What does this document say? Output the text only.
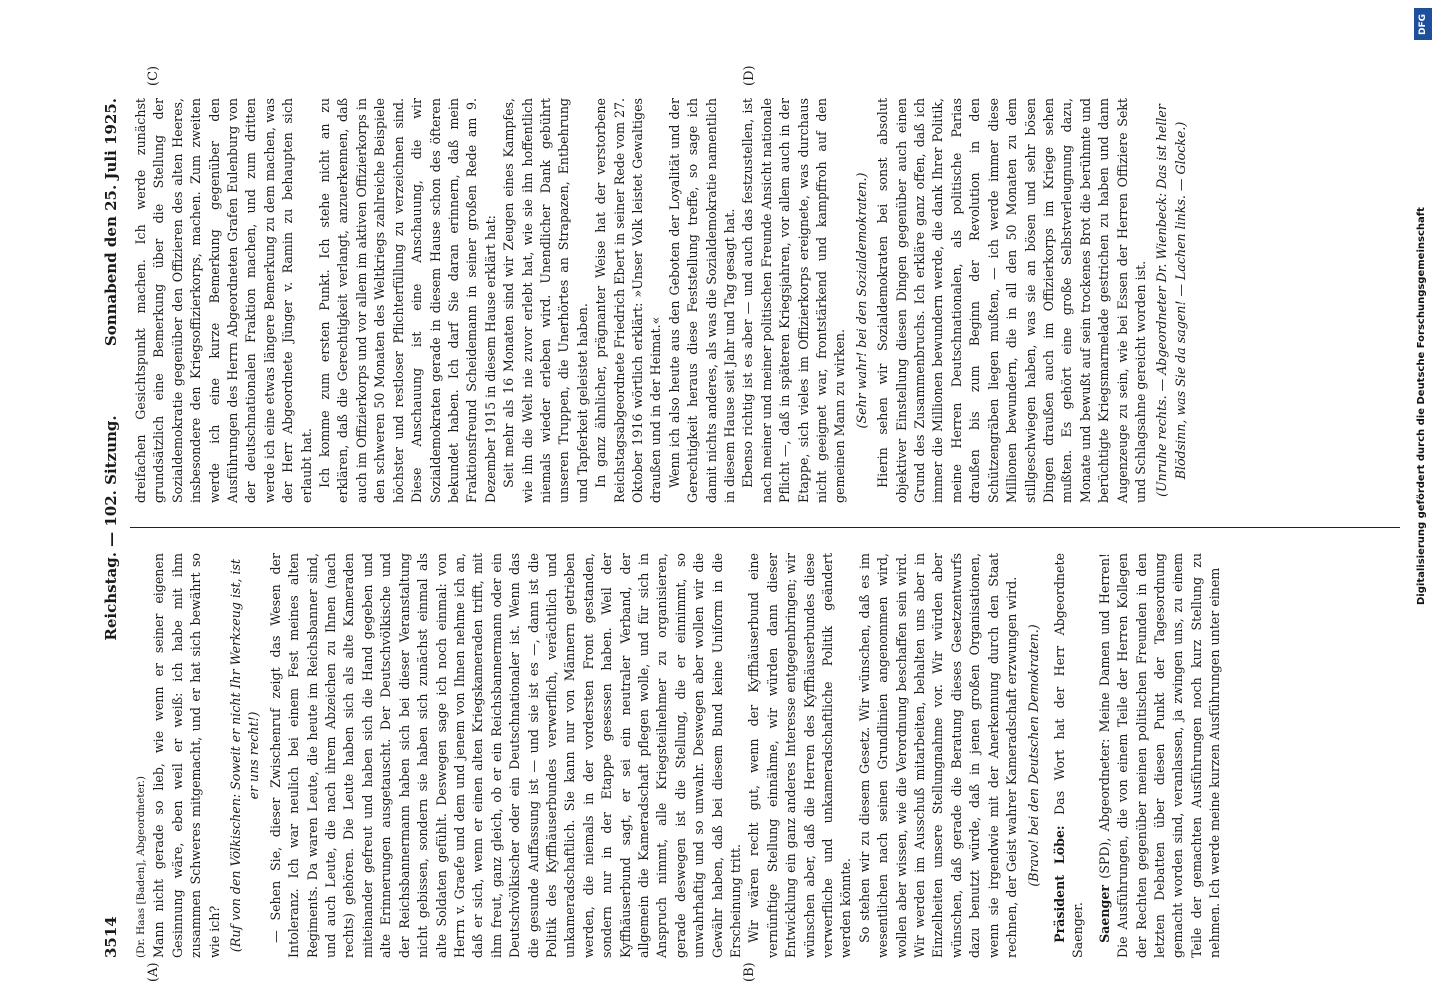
3514
Reichstag. — 102. Sitzung.
Sonnabend den 25. Juli 1925.
(A)	(B)
(C)	(D)

(Dr. Haas [Baden], Abgeordneter.) Mann nicht gerade so lieb, wie wenn er seiner eigenen Gesinnung wäre, eben weil er weiß: ich habe mit ihm zusammen Schweres mitgemacht, und er hat sich bewährt so wie ich? (Ruf von den Völkischen: Soweit er nicht Ihr Werkzeug ist, ist er uns recht!) — Sehen Sie, dieser Zwischenruf zeigt das Wesen der Intoleranz. Ich war neulich bei einem Fest meines alten Regiments. Da waren Leute, die heute im Reichsbanner sind, und auch Leute, die nach ihrem Abzeichen zu Ihnen (nach rechts) gehören. Die Leute haben sich als alte Kameraden miteinander gefreut und haben sich die Hand gegeben und alte Erinnerungen ausgetauscht. Der Deutschvölkische und der Reichsbannermann haben sich bei dieser Veranstaltung nicht gebissen, sondern sie haben sich zunächst einmal als alte Soldaten gefühlt. Deswegen sage ich noch einmal: von Herrn v. Graefe und dem und jenem von Ihnen nehme ich an, daß er sich, wenn er einen alten Kriegskameraden trifft, mit ihm freut, ganz gleich, ob er ein Reichsbannermann oder ein Deutschvölkischer oder ein Deutschnationaler ist. Wenn das die gesunde Auffassung ist — und sie ist es —, dann ist die Politik des Kyffhäuserbundes verwerflich, verächtlich und unkameradschaftlich. Sie kann nur von Männern getrieben werden, die niemals in der vordersten Front gestanden, sondern nur in der Etappe gesessen haben. Weil der Kyffhäuserbund sagt, er sei ein neutraler Verband, der allgemein die Kameradschaft pflegen wolle, und für sich in Anspruch nimmt, alle Kriegsteilnehmer zu organisieren, gerade deswegen ist die Stellung, die er einnimmt, so unwahrhaftig und so unwahr. Deswegen aber wollen wir die Gewähr haben, daß bei diesem Bund keine Uniform in die Erscheinung tritt. Wir wären recht gut, wenn der Kyffhäuserbund eine vernünftige Stellung einnähme, wir würden dann dieser Entwicklung ein ganz anderes Interesse entgegenbringen; wir wünschen aber, daß die Herren des Kyffhäuserbundes diese verwerfliche und unkameradschaftliche Politik geändert werden könnte. So stehen wir zu diesem Gesetz. Wir wünschen, daß es im wesentlichen nach seinen Grundlinien angenommen wird, wollen aber wissen, wie die Verordnung beschaffen sein wird. Wir werden im Ausschuß mitarbeiten, behalten uns aber in Einzelheiten unsere Stellungnahme vor. Wir würden aber wünschen, daß gerade die Beratung dieses Gesetzentwurfs dazu benutzt würde, daß in jenen großen Organisationen, wenn sie irgendwie mit der Anerkennung durch den Staat rechnen, der Geist wahrer Kameradschaft erzwungen wird. (Bravo! bei den Deutschen Demokraten.) Präsident Löbe: Das Wort hat der Herr Abgeordnete Saenger. Saenger (SPD), Abgeordneter: Meine Damen und Herren! Die Ausführungen, die von einem Teile der Herren Kollegen der Rechten gegenüber meinen politischen Freunden in den letzten Debatten über diesen Punkt der Tagesordnung gemacht worden sind, veranlassen, ja zwingen uns, zu einem Teile der gemachten Ausführungen noch kurz Stellung zu nehmen. Ich werde meine kurzen Ausführungen unter einem

dreifachen Gesichtspunkt machen. Ich werde zunächst grundsätzlich eine Bemerkung über die Stellung der Sozialdemokratie gegenüber den Offizieren des alten Heeres, insbesondere den Kriegsoffizierkorps, machen. Zum zweiten werde ich eine kurze Bemerkung gegenüber den Ausführungen des Herrn Abgeordneten Grafen Eulenburg von der deutschnationalen Fraktion machen, und zum dritten werde ich eine etwas längere Bemerkung zu dem machen, was der Herr Abgeordnete Jünger v. Ramin zu behaupten sich erlaubt hat. Ich komme zum ersten Punkt. Ich stehe nicht an zu erklären, daß die Gerechtigkeit verlangt, anzuerkennen, daß auch im Offizierkorps und vor allem im aktiven Offizierkorps in den schweren 50 Monaten des Weltkriegs zahlreiche Beispiele höchster und restloser Pflichterfüllung zu verzeichnen sind. Diese Anschauung ist eine Anschauung, die wir Sozialdemokraten gerade in diesem Hause schon des öfteren bekundet haben. Ich darf Sie daran erinnern, daß mein Fraktionsfreund Scheidemann in seiner großen Rede am 9. Dezember 1915 in diesem Hause erklärt hat: Seit mehr als 16 Monaten sind wir Zeugen eines Kampfes, wie ihn die Welt nie zuvor erlebt hat, wie sie ihn hoffentlich niemals wieder erleben wird. Unendlicher Dank gebührt unseren Truppen, die Unerhörtes an Strapazen, Entbehrung und Tapferkeit geleistet haben. In ganz ähnlicher, prägnanter Weise hat der verstorbene Reichstagsabgeordnete Friedrich Ebert in seiner Rede vom 27. Oktober 1916 wörtlich erklärt: »Unser Volk leistet Gewaltiges draußen und in der Heimat.« Wenn ich also heute aus den Geboten der Loyalität und der Gerechtigkeit heraus diese Feststellung treffe, so sage ich damit nichts anderes, als was die Sozialdemokratie namentlich in diesem Hause seit Jahr und Tag gesagt hat. Ebenso richtig ist es aber — und auch das festzustellen, ist nach meiner und meiner politischen Freunde Ansicht nationale Pflicht —, daß in späteren Kriegsjahren, vor allem auch in der Etappe, sich vieles im Offizierkorps ereignete, was durchaus nicht geeignet war, frontstärkend und kampffroh auf den gemeinen Mann zu wirken. (Sehr wahr! bei den Sozialdemokraten.) Hierin sehen wir Sozialdemokraten bei sonst absolut objektiver Einstellung diesen Dingen gegenüber auch einen Grund des Zusammenbruchs. Ich erkläre ganz offen, daß ich immer die Millionen bewundern werde, die dank Ihrer Politik, meine Herren Deutschnationalen, als politische Parias draußen bis zum Beginn der Revolution in den Schützengräben liegen mußten, — ich werde immer diese Millionen bewundern, die in all den 50 Monaten zu dem stillgeschwiegen haben, was sie an bösen und sehr bösen Dingen draußen auch im Offizierkorps im Kriege sehen mußten. Es gehört eine große Selbstverleugnung dazu, Monate und bewußt auf sein trockenes Brot die berühmte und berüchtigte Kriegsmarmelade gestrichen zu haben und dann Augenzeuge zu sein, wie bei Essen der Herren Offiziere Sekt und Schlagsahne gereicht worden ist. (Unruhe rechts. — Abgeordneter Dr. Wienbeck: Das ist heller Blödsinn, was Sie da sagen! — Lachen links. — Glocke.)

DFG
Digitalisierung gefördert durch die Deutsche Forschungsgemeinschaft
